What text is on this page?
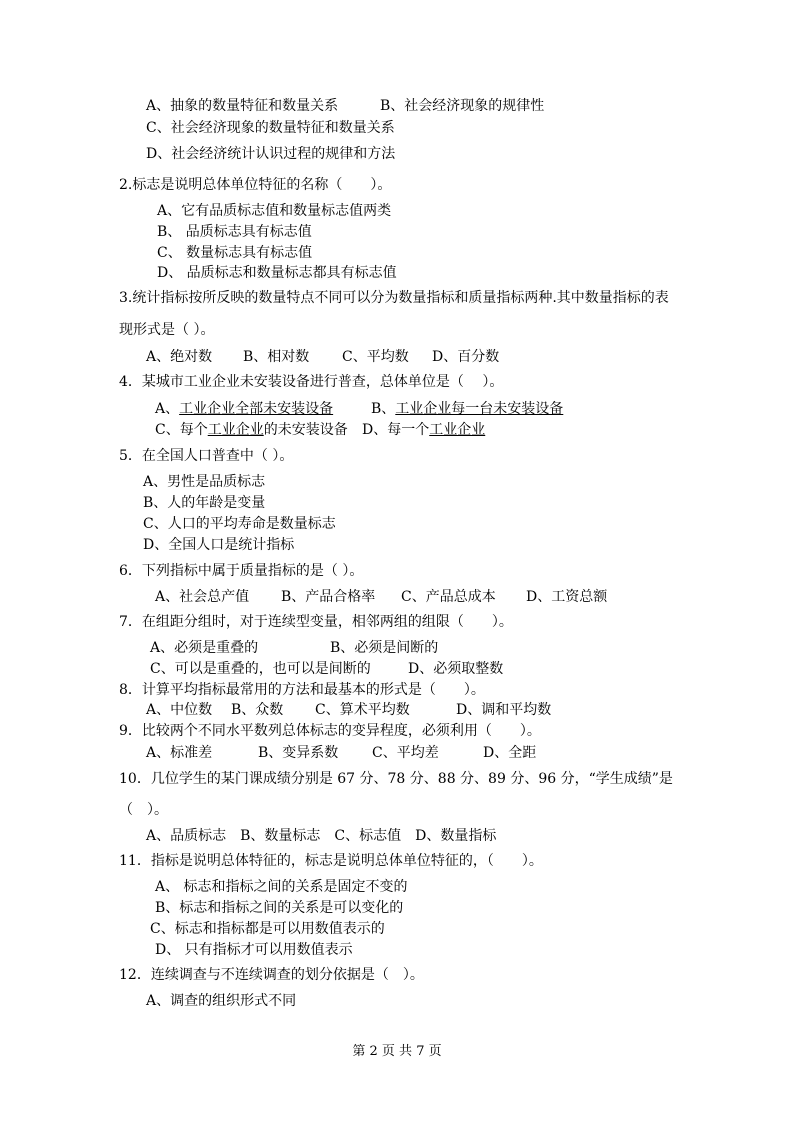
A、抽象的数量特征和数量关系	B、社会经济现象的规律性
C、社会经济现象的数量特征和数量关系
D、社会经济统计认识过程的规律和方法
2.标志是说明总体单位特征的名称（　　）。
A、它有品质标志值和数量标志值两类
B、 品质标志具有标志值
C、 数量标志具有标志值
D、 品质标志和数量标志都具有标志值
3.统计指标按所反映的数量特点不同可以分为数量指标和质量指标两种.其中数量指标的表
现形式是（ ）。
A、绝对数 B、相对数 C、平均数 D、百分数
4．某城市工业企业未安装设备进行普查，总体单位是（　 ）。
A、工业企业全部未安装设备	B、工业企业每一台未安装设备
C、每个工业企业的未安装设备 D、每一个工业企业
5．在全国人口普查中（ ）。
A、男性是品质标志
B、人的年龄是变量
C、人口的平均寿命是数量标志
D、全国人口是统计指标
6．下列指标中属于质量指标的是（ ）。
A、社会总产值 B、产品合格率 C、产品总成本 D、工资总额
7．在组距分组时，对于连续型变量，相邻两组的组限（　　）。
A、必须是重叠的	B、必须是间断的
C、可以是重叠的，也可以是间断的	D、必须取整数
8．计算平均指标最常用的方法和最基本的形式是（　　）。
A、中位数 B、众数 C、算术平均数	D、调和平均数
9．比较两个不同水平数列总体标志的变异程度，必须利用（　　）。
A、标准差	B、变异系数 C、平均差	D、全距
10．几位学生的某门课成绩分别是 67 分、78 分、88 分、89 分、96 分，“学生成绩”是
（　）。
A、品质标志　B、数量标志　C、标志值　D、数量指标
11．指标是说明总体特征的，标志是说明总体单位特征的，（　　）。
A、 标志和指标之间的关系是固定不变的
B、标志和指标之间的关系是可以变化的
C、标志和指标都是可以用数值表示的
D、 只有指标才可以用数值表示
12．连续调查与不连续调查的划分依据是（　）。
A、调查的组织形式不同
第 2 页 共 7 页
